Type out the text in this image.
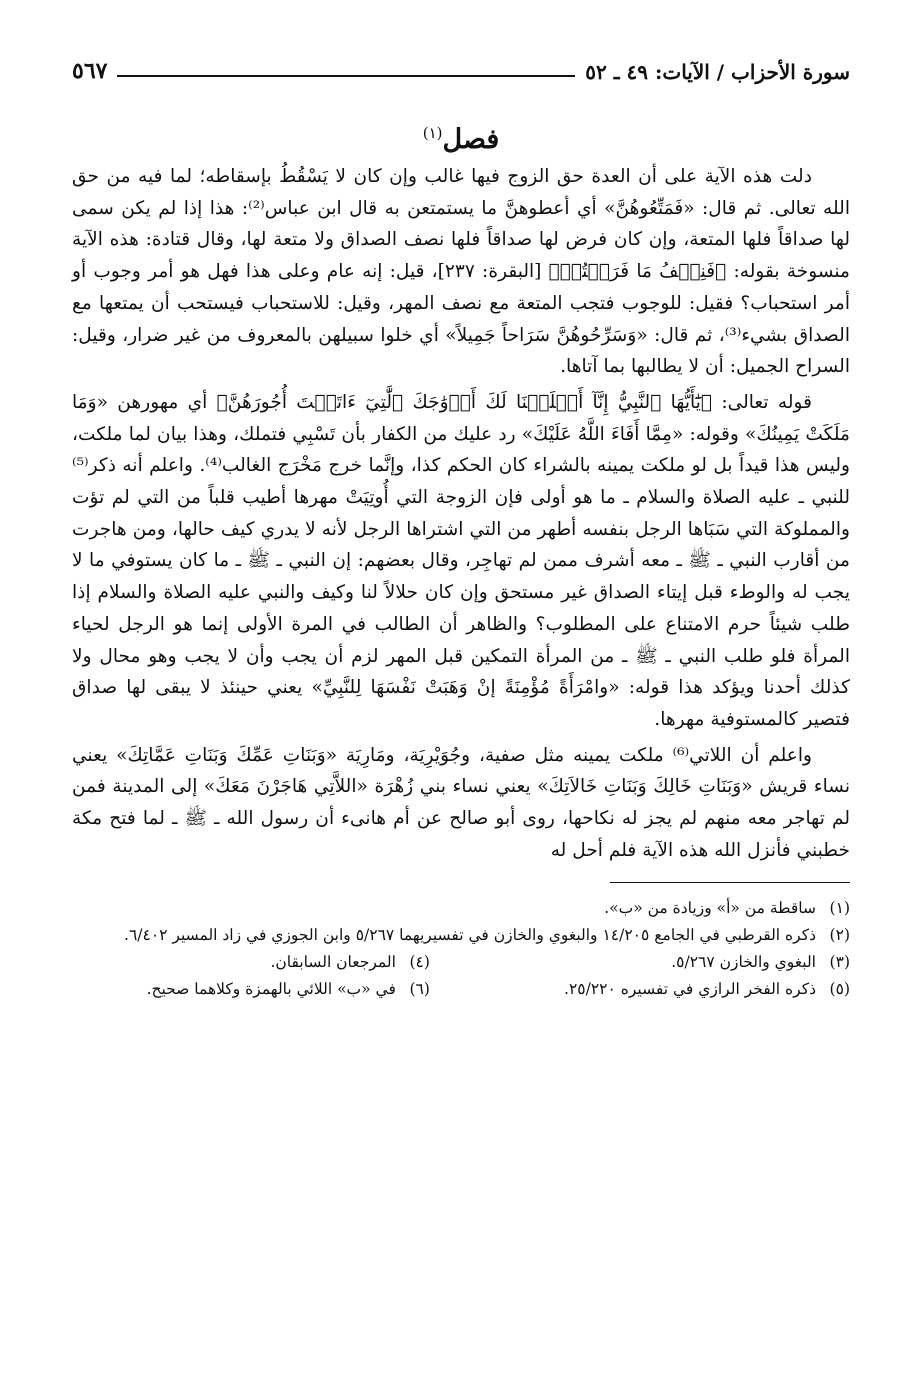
سورة الأحزاب / الآيات: ٤٩ ـ ٥٢
٥٦٧
فصل$^{(١)}$

دلت هذه الآية على أن العدة حق الزوج فيها غالب وإن كان لا يَسْقُطُ بإسقاطه؛ لما فيه من حق الله تعالى. ثم قال: «فَمَتِّعُوهُنَّ» أي أعطوهنَّ ما يستمتعن به قال ابن عباس⁽²⁾: هذا إذا لم يكن سمى لها صداقاً فلها المتعة، وإن كان فرض لها صداقاً فلها نصف الصداق ولا متعة لها، وقال قتادة: هذه الآية منسوخة بقوله: ﴿فَنِصۡفُ مَا فَرَضۡتُمۡ﴾ [البقرة: ٢٣٧]، قيل: إنه عام وعلى هذا فهل هو أمر وجوب أو أمر استحباب؟ فقيل: للوجوب فتجب المتعة مع نصف المهر، وقيل: للاستحباب فيستحب أن يمتعها مع الصداق بشيء⁽³⁾، ثم قال: «وَسَرِّحُوهُنَّ سَرَاحاً جَمِيلاً» أي خلوا سبيلهن بالمعروف من غير ضرار، وقيل: السراح الجميل: أن لا يطالبها بما آتاها.

قوله تعالى: ﴿يَٰٓأَيُّهَا ٱلنَّبِيُّ إِنَّآ أَحۡلَلۡنَا لَكَ أَزۡوَٰجَكَ ٱلَّٰتِيٓ ءَاتَيۡتَ أُجُورَهُنَّ﴾ أي مهورهن «وَمَا مَلَكَتْ يَمِينُكَ» وقوله: «مِمَّا أَفَاءَ اللَّهُ عَلَيْكَ» رد عليك من الكفار بأن تَسْبِي فتملك، وهذا بيان لما ملكت، وليس هذا قيداً بل لو ملكت يمينه بالشراء كان الحكم كذا، وإنَّما خرج مَخْرَج الغالب⁽⁴⁾. واعلم أنه ذكر⁽⁵⁾ للنبي ـ عليه الصلاة والسلام ـ ما هو أولى فإن الزوجة التي أُوتِيَتْ مهرها أطيب قلباً من التي لم تؤت والمملوكة التي سَبَاها الرجل بنفسه أطهر من التي اشتراها الرجل لأنه لا يدري كيف حالها، ومن هاجرت من أقارب النبي ـ ﷺ ـ معه أشرف ممن لم تهاجِر، وقال بعضهم: إن النبي ـ ﷺ ـ ما كان يستوفي ما لا يجب له والوطء قبل إيتاء الصداق غير مستحق وإن كان حلالاً لنا وكيف والنبي عليه الصلاة والسلام إذا طلب شيئاً حرم الامتناع على المطلوب؟ والظاهر أن الطالب في المرة الأولى إنما هو الرجل لحياء المرأة فلو طلب النبي ـ ﷺ ـ من المرأة التمكين قبل المهر لزم أن يجب وأن لا يجب وهو محال ولا كذلك أحدنا ويؤكد هذا قوله: «وامْرَأَةً مُؤْمِنَةً إنْ وَهَبَتْ نَفْسَهَا لِلنَّبِيِّ» يعني حينئذ لا يبقى لها صداق فتصير كالمستوفية مهرها.

واعلم أن اللاتي⁽⁶⁾ ملكت يمينه مثل صفية، وجُوَيْرِيَة، ومَارِيَة «وَبَنَاتِ عَمِّكَ وَبَنَاتِ عَمَّاتِكَ» يعني نساء قريش «وَبَنَاتِ خَالِكَ وَبَنَاتِ خَالاَتِكَ» يعني نساء بني زُهْرَة «اللاَّتِي هَاجَرْنَ مَعَكَ» إلى المدينة فمن لم تهاجر معه منهم لم يجز له نكاحها، روى أبو صالح عن أم هانىء أن رسول الله ـ ﷺ ـ لما فتح مكة خطبني فأنزل الله هذه الآية فلم أحل له

(١)
ساقطة من «أ» وزيادة من «ب».
(٢)
ذكره القرطبي في الجامع ١٤/٢٠٥ والبغوي والخازن في تفسيريهما ٥/٢٦٧ وابن الجوزي في زاد المسير ٦/٤٠٢.
(٣)
البغوي والخازن ٥/٢٦٧.
(٤)
المرجعان السابقان.
(٥)
ذكره الفخر الرازي في تفسيره ٢٥/٢٢٠.
(٦)
في «ب» اللائي بالهمزة وكلاهما صحيح.
